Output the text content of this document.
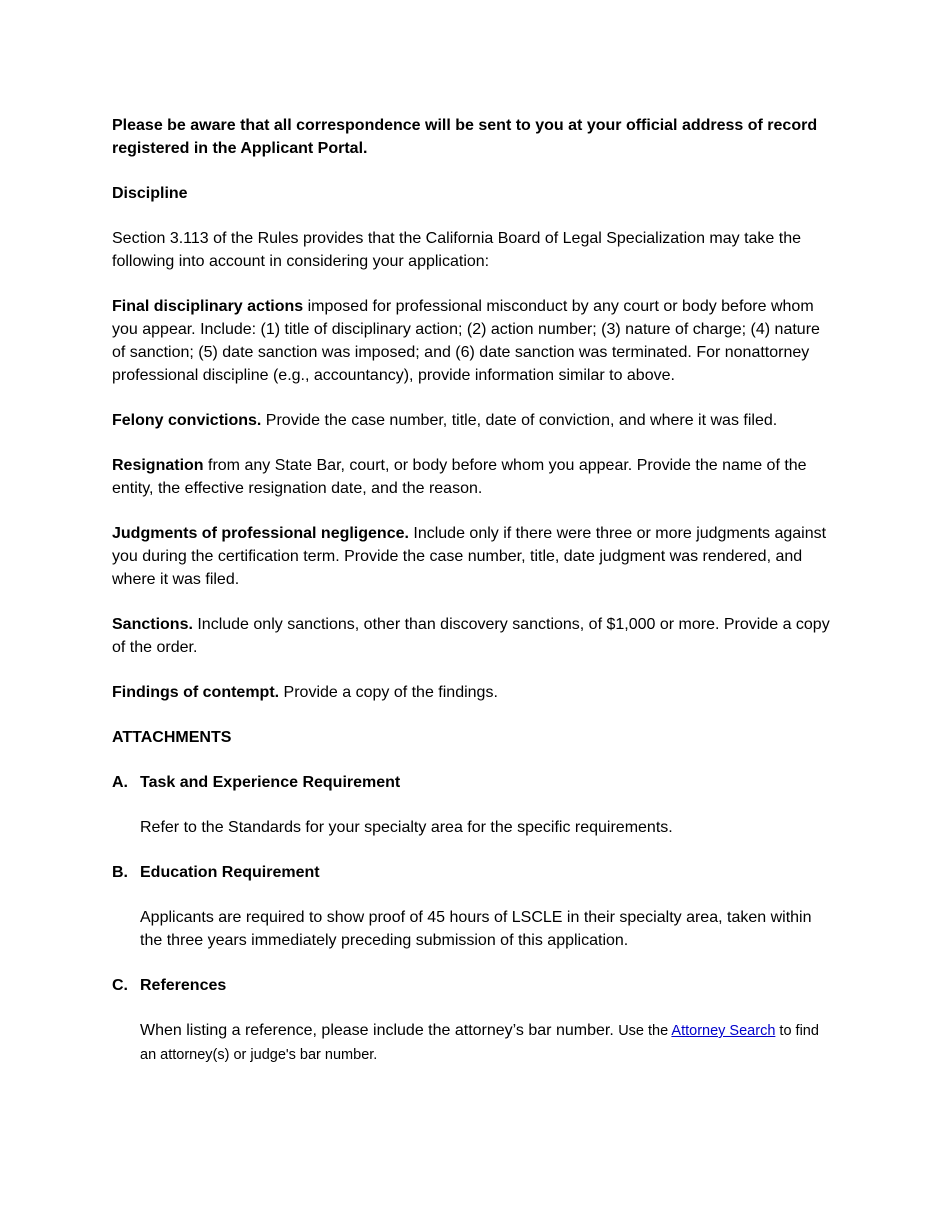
Please be aware that all correspondence will be sent to you at your official address of record registered in the Applicant Portal.

Discipline

Section 3.113 of the Rules provides that the California Board of Legal Specialization may take the following into account in considering your application:

Final disciplinary actions imposed for professional misconduct by any court or body before whom you appear. Include: (1) title of disciplinary action; (2) action number; (3) nature of charge; (4) nature of sanction; (5) date sanction was imposed; and (6) date sanction was terminated. For nonattorney professional discipline (e.g., accountancy), provide information similar to above.

Felony convictions. Provide the case number, title, date of conviction, and where it was filed.

Resignation from any State Bar, court, or body before whom you appear. Provide the name of the entity, the effective resignation date, and the reason.

Judgments of professional negligence. Include only if there were three or more judgments against you during the certification term. Provide the case number, title, date judgment was rendered, and where it was filed.

Sanctions. Include only sanctions, other than discovery sanctions, of $1,000 or more. Provide a copy of the order.

Findings of contempt. Provide a copy of the findings.

ATTACHMENTS

A. Task and Experience Requirement

Refer to the Standards for your specialty area for the specific requirements.

B. Education Requirement

Applicants are required to show proof of 45 hours of LSCLE in their specialty area, taken within the three years immediately preceding submission of this application.

C. References

When listing a reference, please include the attorney’s bar number. Use the Attorney Search to find an attorney(s) or judge's bar number.
